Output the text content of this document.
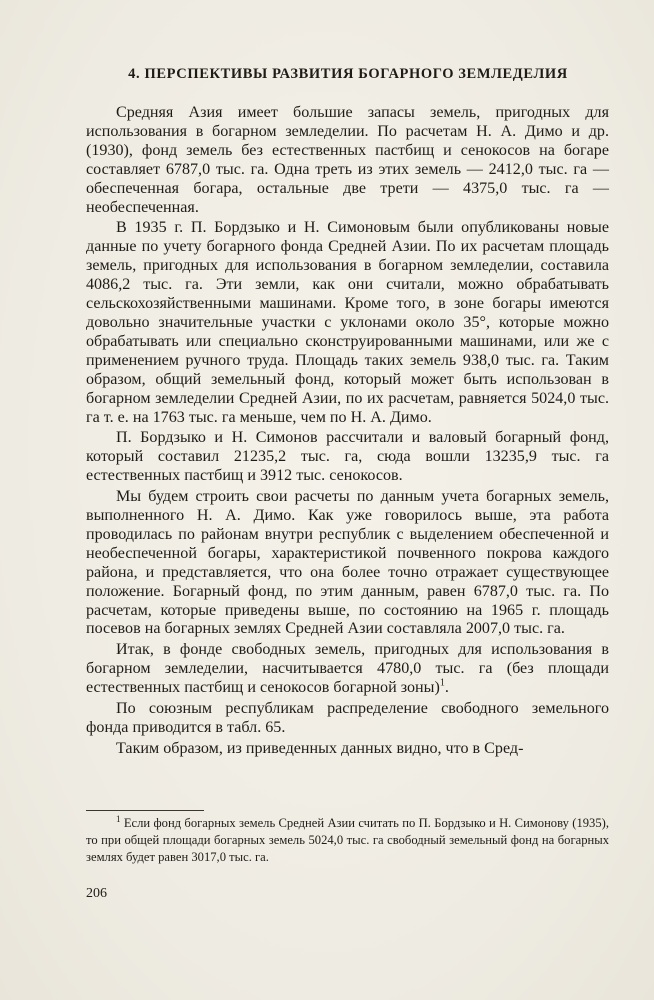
4. ПЕРСПЕКТИВЫ РАЗВИТИЯ БОГАРНОГО ЗЕМЛЕДЕЛИЯ

Средняя Азия имеет большие запасы земель, пригодных для использования в богарном земледелии. По расчетам Н. А. Димо и др. (1930), фонд земель без естественных пастбищ и сенокосов на богаре составляет 6787,0 тыс. га. Одна треть из этих земель — 2412,0 тыс. га — обеспеченная богара, остальные две трети — 4375,0 тыс. га — необеспеченная.

В 1935 г. П. Бордзыко и Н. Симоновым были опубликованы новые данные по учету богарного фонда Средней Азии. По их расчетам площадь земель, пригодных для использования в богарном земледелии, составила 4086,2 тыс. га. Эти земли, как они считали, можно обрабатывать сельскохозяйственными машинами. Кроме того, в зоне богары имеются довольно значительные участки с уклонами около 35°, которые можно обрабатывать или специально сконструированными машинами, или же с применением ручного труда. Площадь таких земель 938,0 тыс. га. Таким образом, общий земельный фонд, который может быть использован в богарном земледелии Средней Азии, по их расчетам, равняется 5024,0 тыс. га т. е. на 1763 тыс. га меньше, чем по Н. А. Димо.

П. Бордзыко и Н. Симонов рассчитали и валовый богарный фонд, который составил 21235,2 тыс. га, сюда вошли 13235,9 тыс. га естественных пастбищ и 3912 тыс. сенокосов.

Мы будем строить свои расчеты по данным учета богарных земель, выполненного Н. А. Димо. Как уже говорилось выше, эта работа проводилась по районам внутри республик с выделением обеспеченной и необеспеченной богары, характеристикой почвенного покрова каждого района, и представляется, что она более точно отражает существующее положение. Богарный фонд, по этим данным, равен 6787,0 тыс. га. По расчетам, которые приведены выше, по состоянию на 1965 г. площадь посевов на богарных землях Средней Азии составляла 2007,0 тыс. га.

Итак, в фонде свободных земель, пригодных для использования в богарном земледелии, насчитывается 4780,0 тыс. га (без площади естественных пастбищ и сенокосов богарной зоны)$^1$.

По союзным республикам распределение свободного земельного фонда приводится в табл. 65.

Таким образом, из приведенных данных видно, что в Сред-

$^1$ Если фонд богарных земель Средней Азии считать по П. Бордзыко и Н. Симонову (1935), то при общей площади богарных земель 5024,0 тыс. га свободный земельный фонд на богарных землях будет равен 3017,0 тыс. га.

206
